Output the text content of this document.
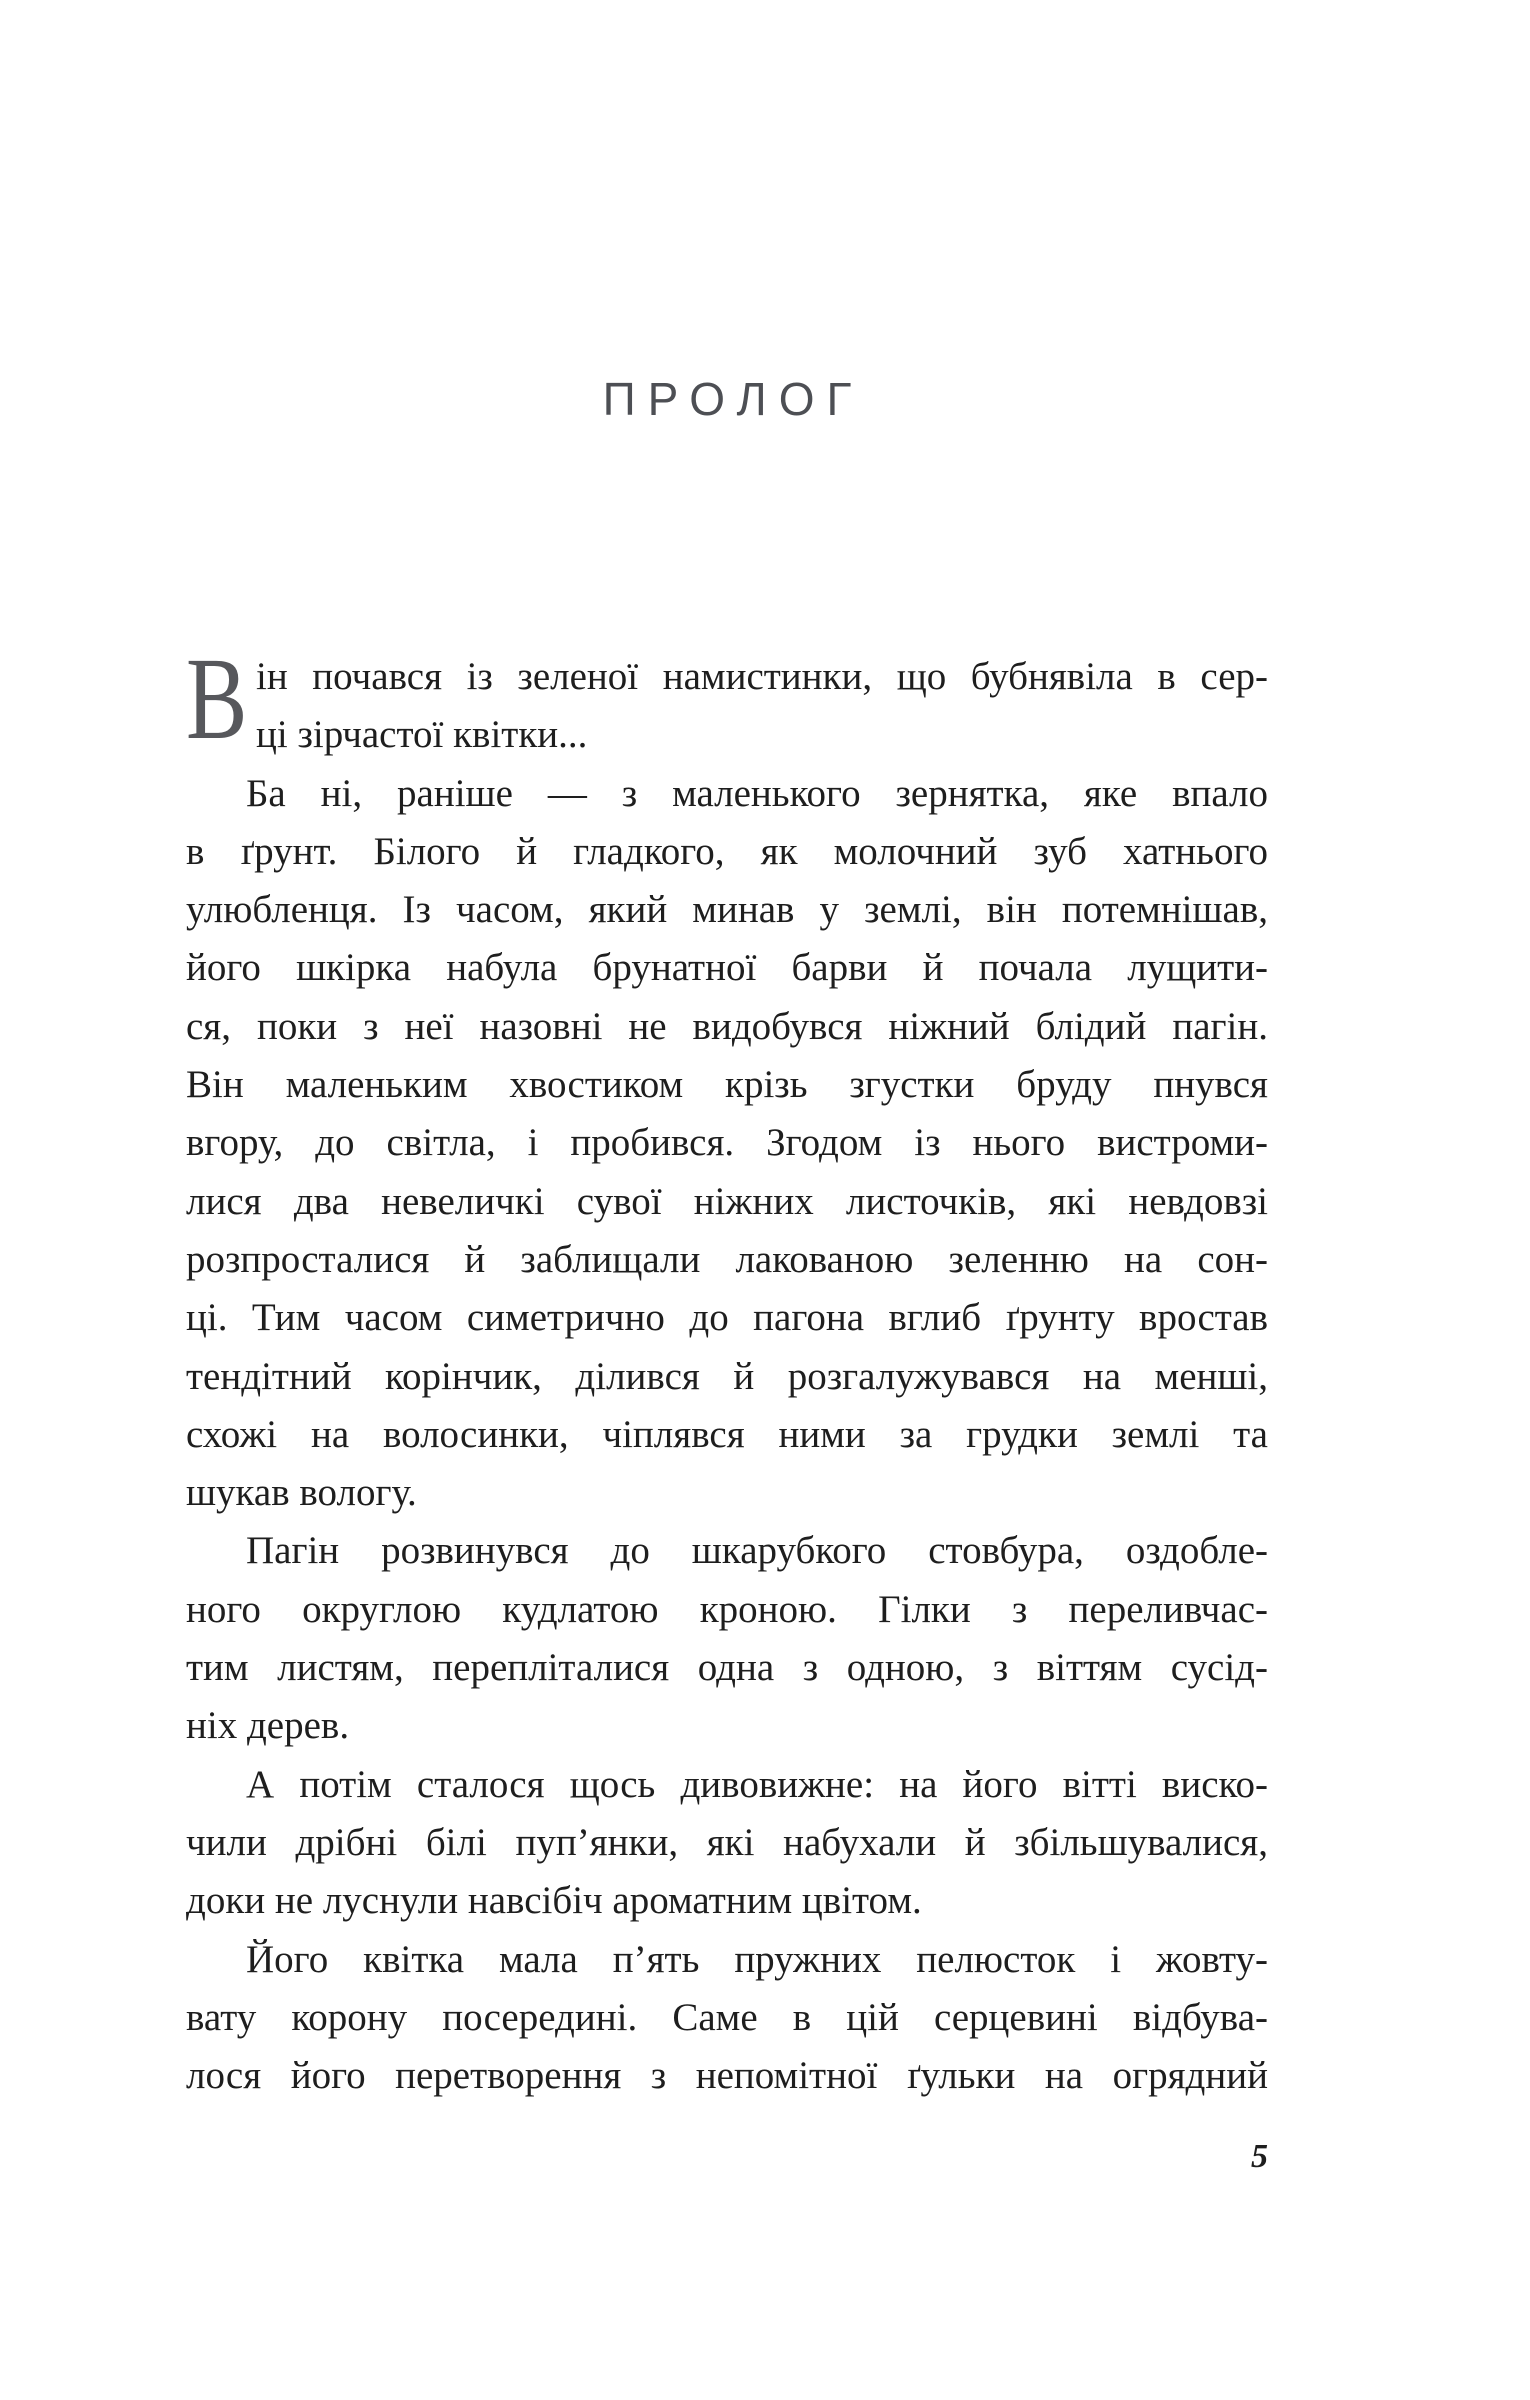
ПРОЛОГ
В ін почався із зеленої намистинки, що бубнявіла в сер-
ці зірчастої квітки...
Ба ні, раніше — з маленького зернятка, яке впало
в ґрунт. Білого й гладкого, як молочний зуб хатнього
улюбленця. Із часом, який минав у землі, він потемнішав,
його шкірка набула брунатної барви й почала лущити-
ся, поки з неї назовні не видобувся ніжний блідий пагін.
Він маленьким хвостиком крізь згустки бруду пнувся
вгору, до світла, і пробився. Згодом із нього вистроми-
лися два невеличкі сувої ніжних листочків, які невдовзі
розпросталися й заблищали лакованою зеленню на сон-
ці. Тим часом симетрично до пагона вглиб ґрунту вростав
тендітний корінчик, ділився й розгалужувався на менші,
схожі на волосинки, чіплявся ними за грудки землі та
шукав вологу.
Пагін розвинувся до шкарубкого стовбура, оздобле-
ного округлою кудлатою кроною. Гілки з переливчас-
тим листям, перепліталися одна з одною, з віттям сусід-
ніх дерев.
А потім сталося щось дивовижне: на його вітті виско-
чили дрібні білі пуп’янки, які набухали й збільшувалися,
доки не луснули навсібіч ароматним цвітом.
Його квітка мала п’ять пружних пелюсток і жовту-
вату корону посередині. Саме в цій серцевині відбува-
лося його перетворення з непомітної ґульки на огрядний
5
